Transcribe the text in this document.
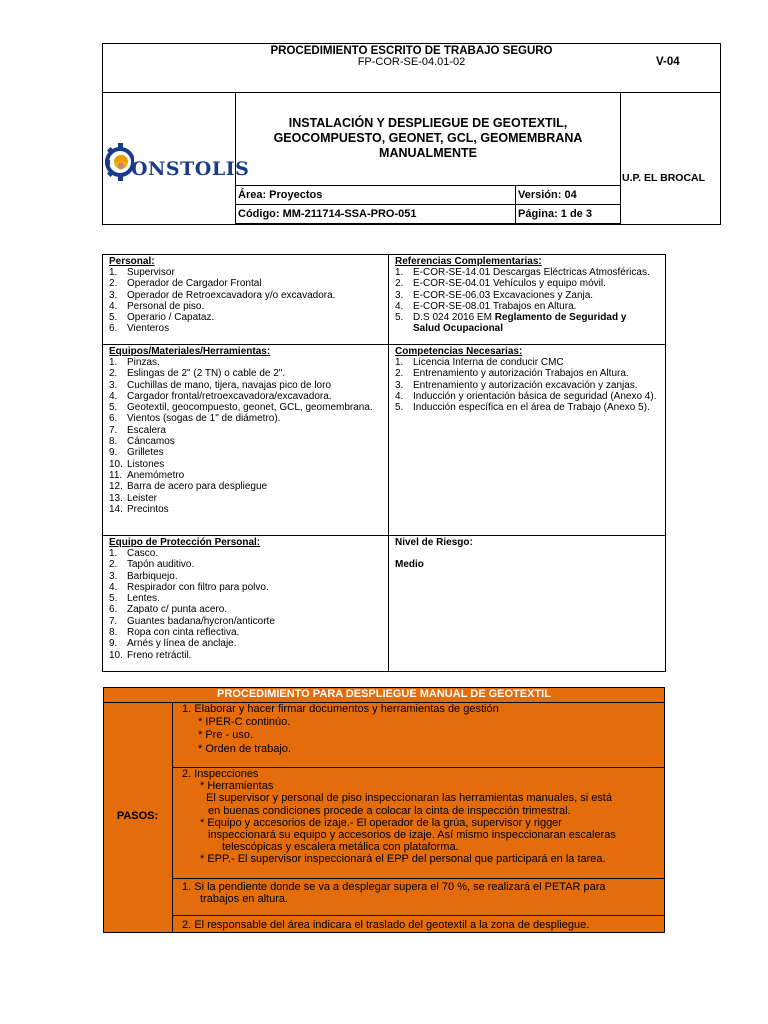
PROCEDIMIENTO ESCRITO DE TRABAJO SEGURO
FP-COR-SE-04.01-02	V-04
ONSTOLIS
INSTALACIÓN Y DESPLIEGUE DE GEOTEXTIL,
GEOCOMPUESTO, GEONET, GCL, GEOMEMBRANA
MANUALMENTE
Área: Proyectos	Versión: 04
Código: MM-211714-SSA-PRO-051	Página: 1 de 3
U.P. EL BROCAL
Personal:
1. Supervisor
2. Operador de Cargador Frontal
3. Operador de Retroexcavadora y/o excavadora.
4. Personal de piso.
5. Operario / Capataz.
6. Vienteros
Referencias Complementarias:
1. E-COR-SE-14.01 Descargas Eléctricas Atmosféricas.
2. E-COR-SE-04.01 Vehículos y equipo móvil.
3. E-COR-SE-06.03 Excavaciones y Zanja.
4. E-COR-SE-08.01 Trabajos en Altura.
5. D.S 024 2016 EM Reglamento de Seguridad y
Salud Ocupacional
Equipos/Materiales/Herramientas:
1. Pinzas.
2. Eslingas de 2" (2 TN) o cable de 2".
3. Cuchillas de mano, tijera, navajas pico de loro
4. Cargador frontal/retroexcavadora/excavadora.
5. Geotextil, geocompuesto, geonet, GCL, geomembrana.
6. Vientos (sogas de 1" de diámetro).
7. Escalera
8. Cáncamos
9. Grilletes
10. Listones
11. Anemómetro
12. Barra de acero para despliegue
13. Leister
14. Precintos
Competencias Necesarias:
1. Licencia Interna de conducir CMC
2. Entrenamiento y autorización Trabajos en Altura.
3. Entrenamiento y autorización excavación y zanjas.
4. Inducción y orientación básica de seguridad (Anexo 4).
5. Inducción específica en el área de Trabajo (Anexo 5).
Equipo de Protección Personal:
1. Casco.
2. Tapón auditivo.
3. Barbiquejo.
4. Respirador con filtro para polvo.
5. Lentes.
6. Zapato c/ punta acero.
7. Guantes badana/hycron/anticorte
8. Ropa con cinta reflectiva.
9. Arnés y línea de anclaje.
10. Freno retráctil.
Nivel de Riesgo:
Medio
PROCEDIMIENTO PARA DESPLIEGUE MANUAL DE GEOTEXTIL
PASOS:
1. Elaborar y hacer firmar documentos y herramientas de gestión
* IPER-C continúo.
* Pre - uso.
* Orden de trabajo.
2. Inspecciones
* Herramientas
El supervisor y personal de piso inspeccionaran las herramientas manuales, si está
en buenas condiciones procede a colocar la cinta de inspección trimestral.
* Equipo y accesorios de izaje.- El operador de la grúa, supervisor y rigger
inspeccionará su equipo y accesorios de izaje. Así mismo inspeccionaran escaleras
telescópicas y escalera metálica con plataforma.
* EPP.- El supervisor inspeccionará el EPP del personal que participará en la tarea.
1. Si la pendiente donde se va a desplegar supera el 70 %, se realizará el PETAR para
trabajos en altura.
2. El responsable del área indicara el traslado del geotextil a la zona de despliegue.
